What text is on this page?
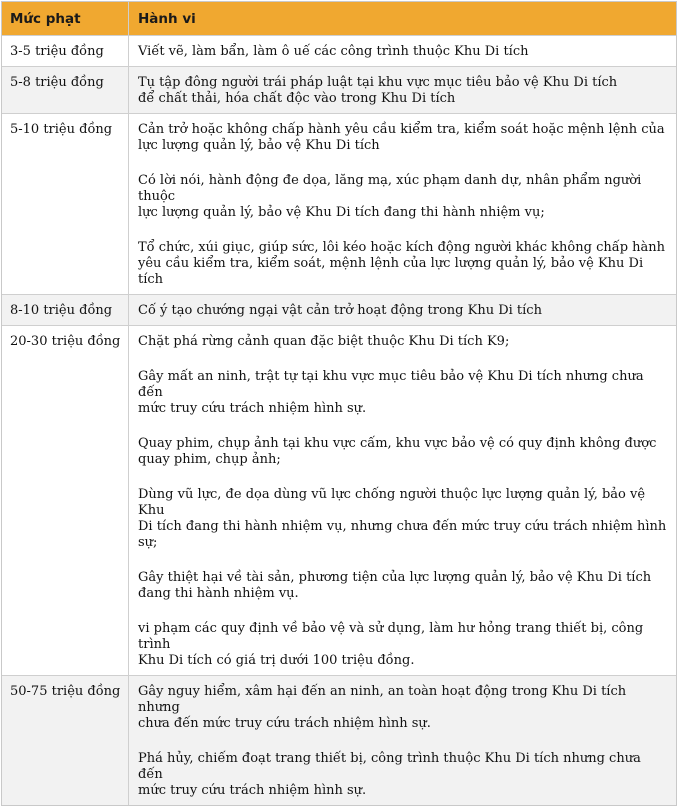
Mức phạt	Hành vi
3-5 triệu đồng	Viết vẽ, làm bẩn, làm ô uế các công trình thuộc Khu Di tích
5-8 triệu đồng	Tụ tập đông người trái pháp luật tại khu vực mục tiêu bảo vệ Khu Di tích
để chất thải, hóa chất độc vào trong Khu Di tích
5-10 triệu đồng	Cản trở hoặc không chấp hành yêu cầu kiểm tra, kiểm soát hoặc mệnh lệnh của
lực lượng quản lý, bảo vệ Khu Di tích
Có lời nói, hành động đe dọa, lăng mạ, xúc phạm danh dự, nhân phẩm người thuộc
lực lượng quản lý, bảo vệ Khu Di tích đang thi hành nhiệm vụ;
Tổ chức, xúi giục, giúp sức, lôi kéo hoặc kích động người khác không chấp hành
yêu cầu kiểm tra, kiểm soát, mệnh lệnh của lực lượng quản lý, bảo vệ Khu Di tích
8-10 triệu đồng	Cố ý tạo chướng ngại vật cản trở hoạt động trong Khu Di tích
20-30 triệu đồng	Chặt phá rừng cảnh quan đặc biệt thuộc Khu Di tích K9;
Gây mất an ninh, trật tự tại khu vực mục tiêu bảo vệ Khu Di tích nhưng chưa đến
mức truy cứu trách nhiệm hình sự.
Quay phim, chụp ảnh tại khu vực cấm, khu vực bảo vệ có quy định không được
quay phim, chụp ảnh;
Dùng vũ lực, đe dọa dùng vũ lực chống người thuộc lực lượng quản lý, bảo vệ Khu
Di tích đang thi hành nhiệm vụ, nhưng chưa đến mức truy cứu trách nhiệm hình
sự;
Gây thiệt hại về tài sản, phương tiện của lực lượng quản lý, bảo vệ Khu Di tích
đang thi hành nhiệm vụ.
vi phạm các quy định về bảo vệ và sử dụng, làm hư hỏng trang thiết bị, công trình
Khu Di tích có giá trị dưới 100 triệu đồng.
50-75 triệu đồng	Gây nguy hiểm, xâm hại đến an ninh, an toàn hoạt động trong Khu Di tích nhưng
chưa đến mức truy cứu trách nhiệm hình sự.
Phá hủy, chiếm đoạt trang thiết bị, công trình thuộc Khu Di tích nhưng chưa đến
mức truy cứu trách nhiệm hình sự.
